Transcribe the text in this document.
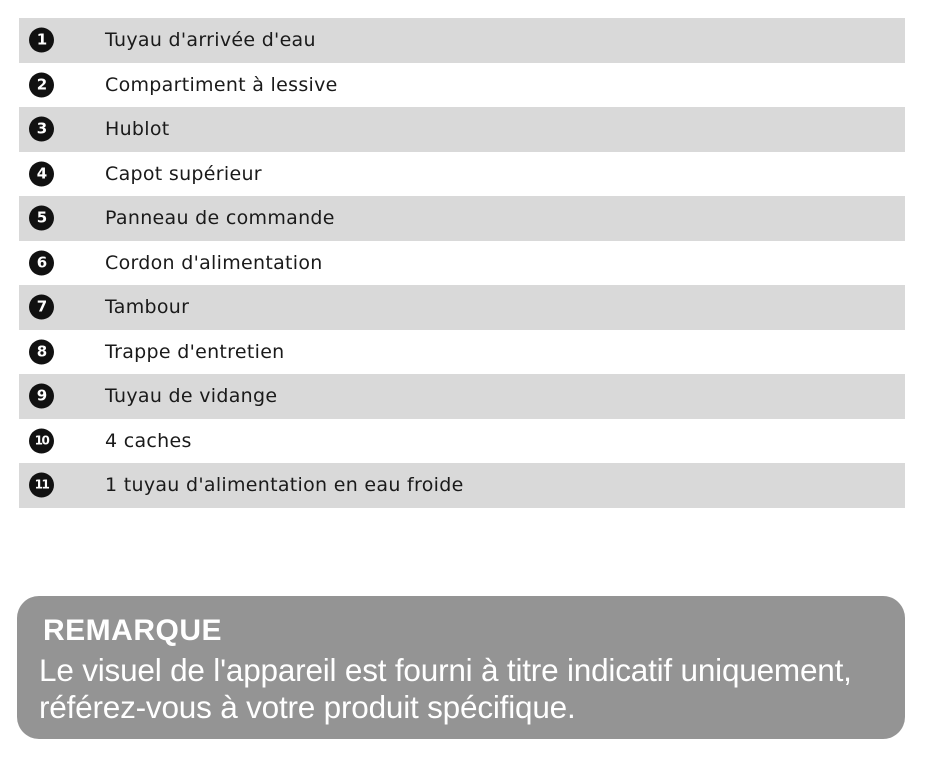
1	Tuyau d'arrivée d'eau
2	Compartiment à lessive
3	Hublot
4	Capot supérieur
5	Panneau de commande
6	Cordon d'alimentation
7	Tambour
8	Trappe d'entretien
9	Tuyau de vidange
10	4 caches
11	1 tuyau d'alimentation en eau froide
REMARQUE
Le visuel de l'appareil est fourni à titre indicatif uniquement,
référez-vous à votre produit spécifique.
